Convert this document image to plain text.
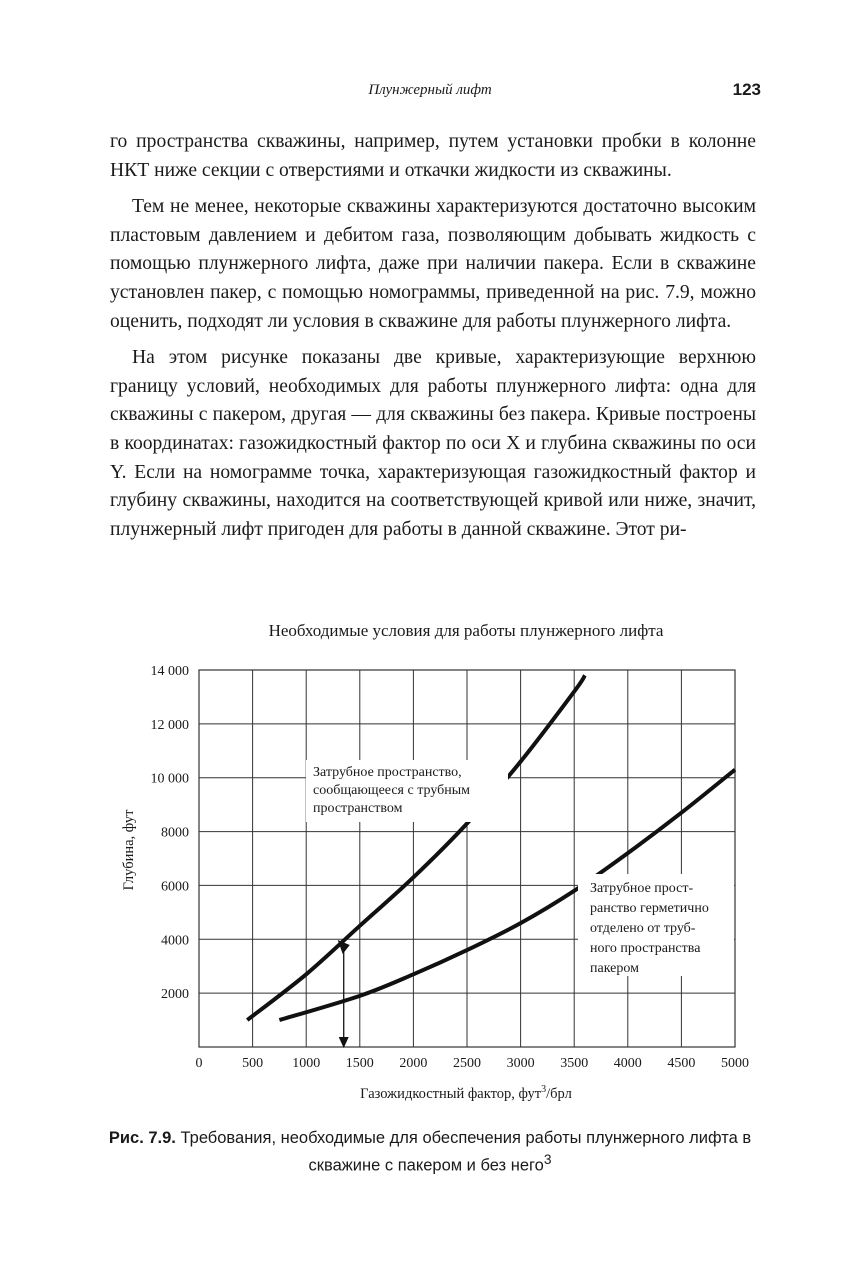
Плунжерный лифт	123

го пространства скважины, например, путем установки пробки в колонне НКТ ниже секции с отверстиями и откачки жидкости из скважины.

Тем не менее, некоторые скважины характеризуются достаточно высоким пластовым давлением и дебитом газа, позволяющим добывать жидкость с помощью плунжерного лифта, даже при наличии пакера. Если в скважине установлен пакер, с помощью номограммы, приведенной на рис. 7.9, можно оценить, подходят ли условия в скважине для работы плунжерного лифта.

На этом рисунке показаны две кривые, характеризующие верхнюю границу условий, необходимых для работы плунжерного лифта: одна для скважины с пакером, другая — для скважины без пакера. Кривые построены в координатах: газожидкостный фактор по оси X и глубина скважины по оси Y. Если на номограмме точка, характеризующая газожидкостный фактор и глубину скважины, находится на соответствующей кривой или ниже, значит, плунжерный лифт пригоден для работы в данной скважине. Этот ри-

Необходимые условия для работы плунжерного лифта
0	500 1000 1500 2000 2500 3000 3500 4000 4500 5000
2000
4000
6000
8000
10 000
12 000
14 000
Затрубное пространство,
сообщающееся с трубным
пространством
Затрубное прост-
ранство герметично
отделено от труб-
ного пространства
пакером
Газожидкостный фактор, фут$^3$/брл
Глубина, фут
Рис. 7.9. Требования, необходимые для обеспечения работы плунжерного лифта в скважине с пакером и без него$^3$
